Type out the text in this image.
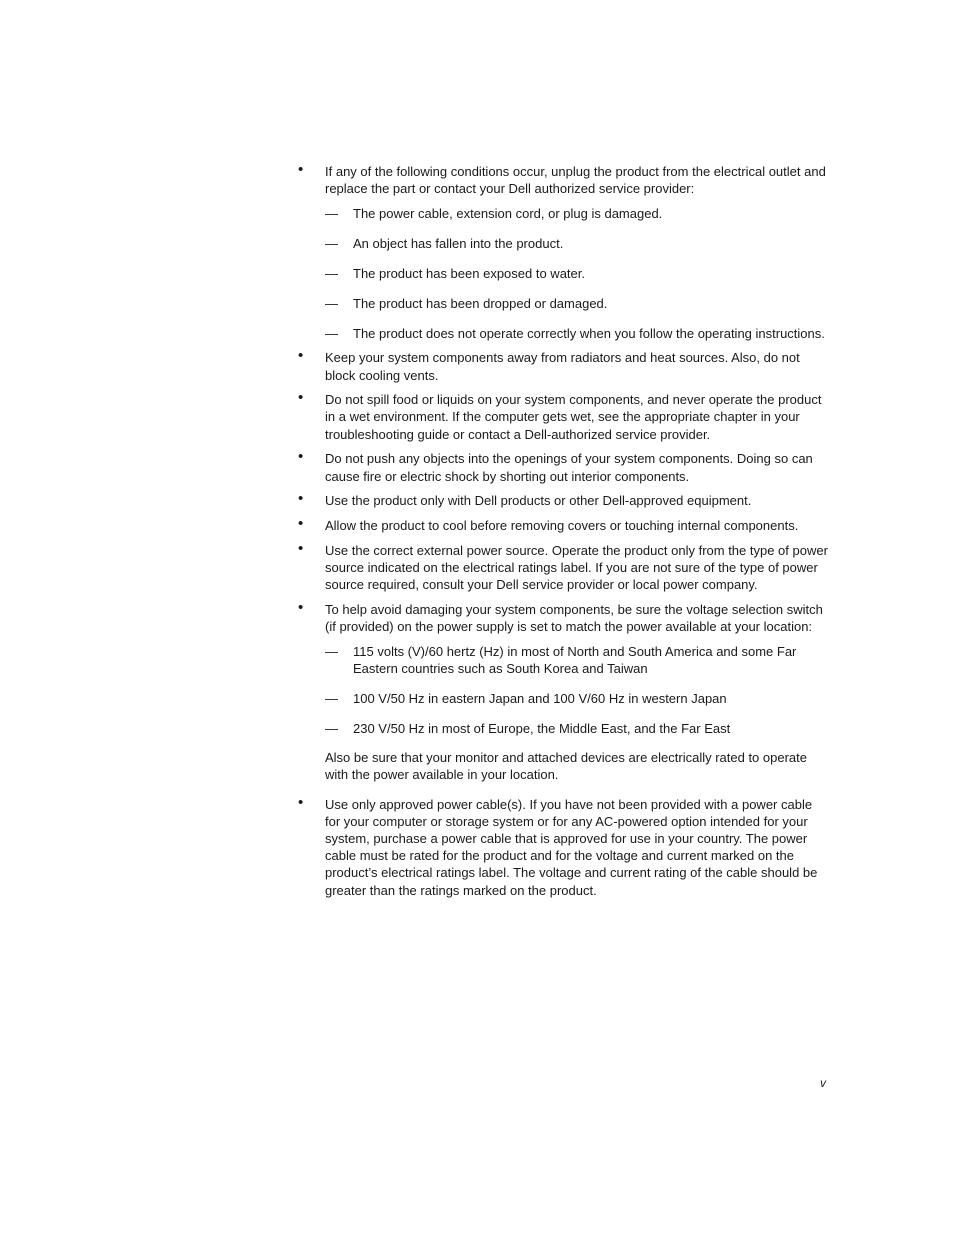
• If any of the following conditions occur, unplug the product from the electrical outlet and replace the part or contact your Dell authorized service provider:
— The power cable, extension cord, or plug is damaged.
— An object has fallen into the product.
— The product has been exposed to water.
— The product has been dropped or damaged.
— The product does not operate correctly when you follow the operating instructions.
• Keep your system components away from radiators and heat sources. Also, do not block cooling vents.
• Do not spill food or liquids on your system components, and never operate the product in a wet environment. If the computer gets wet, see the appropriate chapter in your troubleshooting guide or contact a Dell-authorized service provider.
• Do not push any objects into the openings of your system components. Doing so can cause fire or electric shock by shorting out interior components.
• Use the product only with Dell products or other Dell-approved equipment.
• Allow the product to cool before removing covers or touching internal components.
• Use the correct external power source. Operate the product only from the type of power source indicated on the electrical ratings label. If you are not sure of the type of power source required, consult your Dell service provider or local power company.
• To help avoid damaging your system components, be sure the voltage selection switch (if provided) on the power supply is set to match the power available at your location:
— 115 volts (V)/60 hertz (Hz) in most of North and South America and some Far Eastern countries such as South Korea and Taiwan
— 100 V/50 Hz in eastern Japan and 100 V/60 Hz in western Japan
— 230 V/50 Hz in most of Europe, the Middle East, and the Far East
Also be sure that your monitor and attached devices are electrically rated to operate with the power available in your location.
• Use only approved power cable(s). If you have not been provided with a power cable for your computer or storage system or for any AC-powered option intended for your system, purchase a power cable that is approved for use in your country. The power cable must be rated for the product and for the voltage and current marked on the product’s electrical ratings label. The voltage and current rating of the cable should be greater than the ratings marked on the product.
v
